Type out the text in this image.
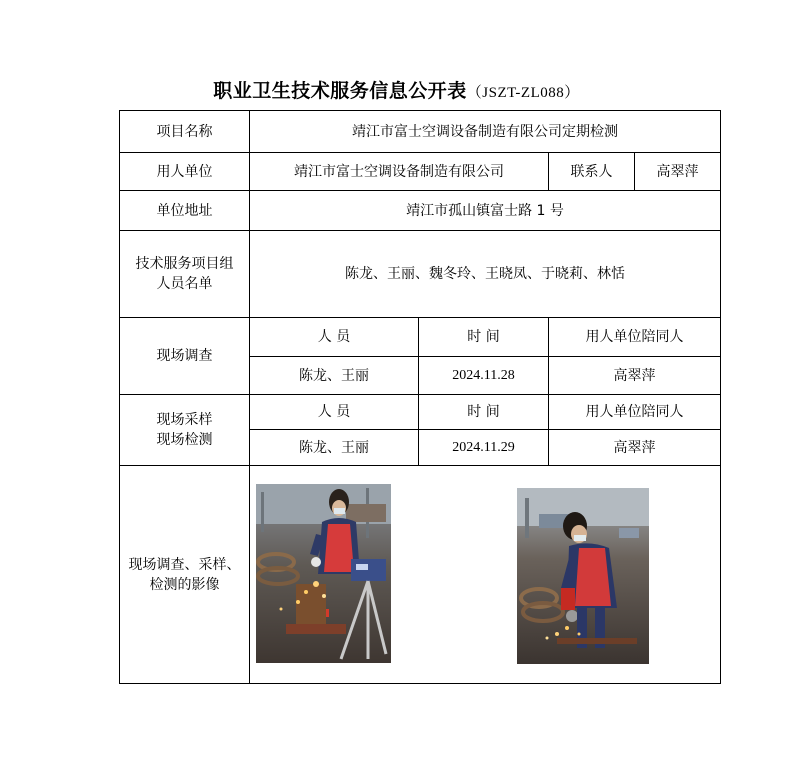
职业卫生技术服务信息公开表（JSZT-ZL088）
项目名称	靖江市富士空调设备制造有限公司定期检测			
用人单位	靖江市富士空调设备制造有限公司		联系人	高翠萍
单位地址	靖江市孤山镇富士路 1 号			

技术服务项目组
人员名单	陈龙、王丽、魏冬玲、王晓凤、于晓莉、林恬			
现场调查	人 员	时 间	用人单位陪同人	
	陈龙、王丽	2024.11.28	高翠萍	

现场采样
现场检测	人 员	时 间	用人单位陪同人	
	陈龙、王丽	2024.11.29	高翠萍	

现场调查、采样、
检测的影像				
